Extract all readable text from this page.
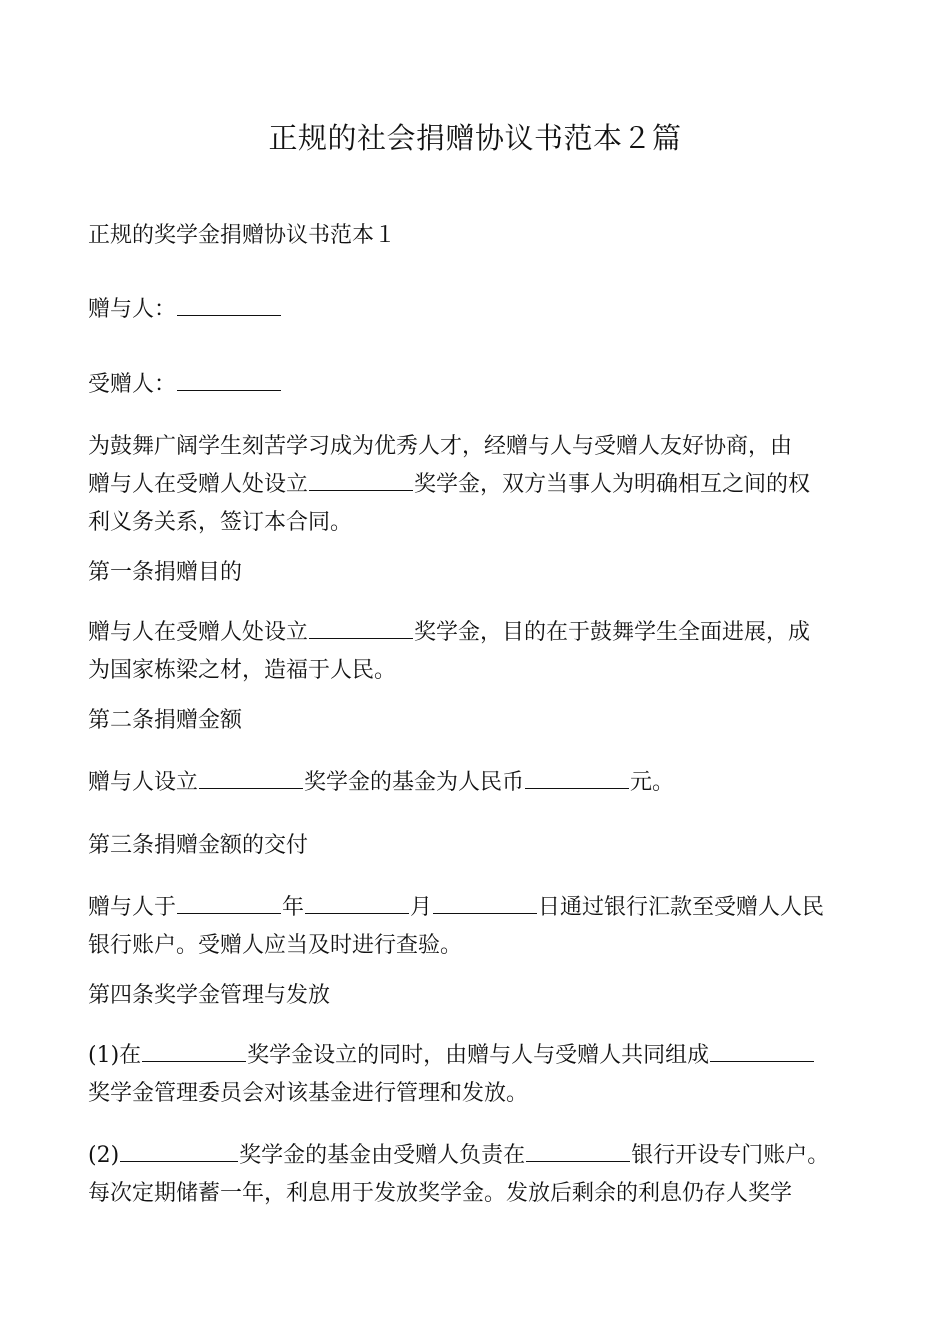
正规的社会捐赠协议书范本２篇
正规的奖学金捐赠协议书范本１
赠与人：
受赠人：
为鼓舞广阔学生刻苦学习成为优秀人才，经赠与人与受赠人友好协商，由
赠与人在受赠人处设立	奖学金，双方当事人为明确相互之间的权
利义务关系，签订本合同。
第一条捐赠目的
赠与人在受赠人处设立	奖学金，目的在于鼓舞学生全面进展，成
为国家栋梁之材，造福于人民。
第二条捐赠金额
赠与人设立	奖学金的基金为人民币	元。
第三条捐赠金额的交付
赠与人于	年	月	日通过银行汇款至受赠人人民
银行账户。受赠人应当及时进行查验。
第四条奖学金管理与发放
(1)在	奖学金设立的同时，由赠与人与受赠人共同组成
奖学金管理委员会对该基金进行管理和发放。
(2)	奖学金的基金由受赠人负责在	银行开设专门账户。
每次定期储蓄一年，利息用于发放奖学金。发放后剩余的利息仍存人奖学
